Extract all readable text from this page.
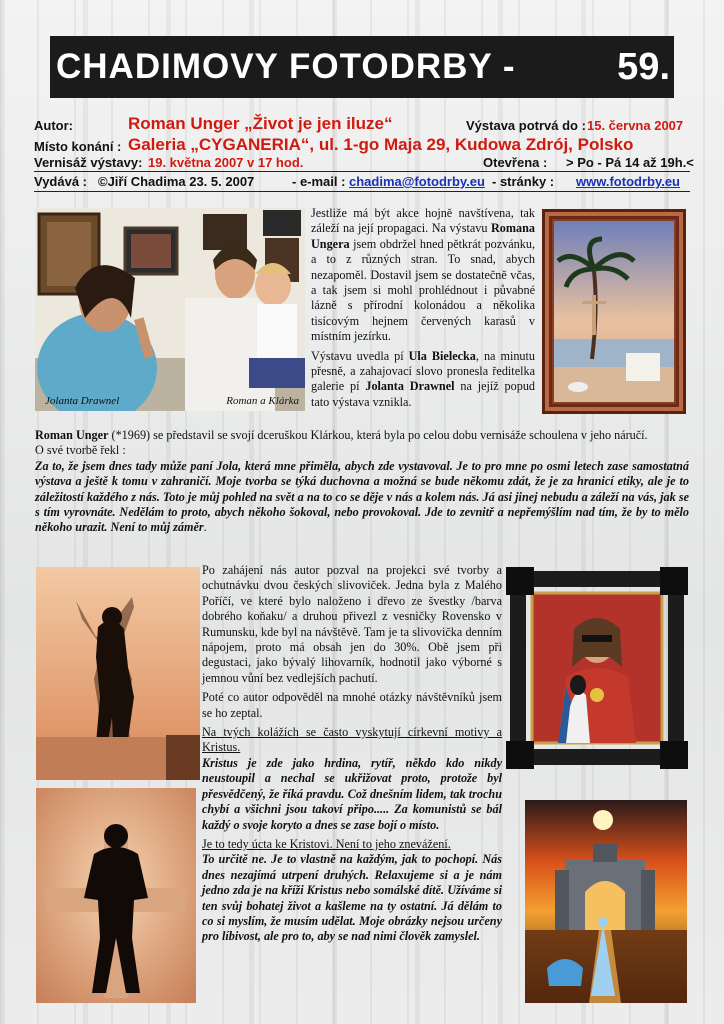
CHADIMOVY FOTODRBY -	59.
Autor:	Roman Unger „Život je jen iluze“	Výstava potrvá do : 15. června 2007
Místo konání : Galeria „CYGANERIA“, ul. 1-go Maja 29, Kudowa Zdrój, Polsko
Vernisáž výstavy: 19. května 2007 v 17 hod.	Otevřena : > Po - Pá 14 až 19h.<
Vydává : ©Jiří Chadima 23. 5. 2007	- e-mail : chadima@fotodrby.eu - stránky : www.fotodrby.eu
Jolanta Drawnel	Roman a Klárka

Jestliže má být akce hojně navštívena, tak záleží na její propagaci. Na výstavu Romana Ungera jsem obdržel hned pětkrát pozvánku, a to z různých stran. To snad, abych nezapoměl. Dostavil jsem se dostatečně včas, a tak jsem si mohl prohlédnout i půvabné lázně s přírodní kolonádou a několika tisícovým hejnem červených karasů v místním jezírku.

Výstavu uvedla pí Ula Bielecka, na minutu přesně, a zahajovací slovo pronesla ředitelka galerie pí Jolanta Drawnel na jejíž popud tato výstava vznikla.

Roman Unger (*1969) se představil se svojí dceruškou Klárkou, která byla po celou dobu vernisáže schoulena v jeho náručí.

O své tvorbě řekl :

Za to, že jsem dnes tady může paní Jola, která mne přiměla, abych zde vystavoval. Je to pro mne po osmi letech zase samostatná výstava a ještě k tomu v zahraničí. Moje tvorba se týká duchovna a možná se bude někomu zdát, že je za hranicí etiky, ale je to záležitostí každého z nás. Toto je můj pohled na svět a na to co se děje v nás a kolem nás. Já asi jinej nebudu a záleží na vás, jak se s tím vyrovnáte. Nedělám to proto, abych někoho šokoval, nebo provokoval. Jde to zevnitř a nepřemýšlím nad tím, že by to mělo někoho urazit. Není to můj záměr.

Po zahájení nás autor pozval na projekci své tvorby a ochutnávku dvou českých slivoviček. Jedna byla z Malého Poříčí, ve které bylo naloženo i dřevo ze švestky /barva dobrého koňaku/ a druhou přivezl z vesničky Rovensko v Rumunsku, kde byl na návštěvě. Tam je ta slivovička denním nápojem, proto má obsah jen do 30%. Obě jsem při degustaci, jako bývalý lihovarník, hodnotil jako výborné s jemnou vůní bez vedlejších pachutí.

Poté co autor odpověděl na mnohé otázky návštěvníků jsem se ho zeptal.

Na tvých kolážích se často vyskytují církevní motivy a Kristus.

Kristus je zde jako hrdina, rytíř, někdo kdo nikdy neustoupil a nechal se ukřižovat proto, protože byl přesvědčený, že říká pravdu. Což dnešním lidem, tak trochu chybí a všichni jsou takoví připo..... Za komunistů se bál každý o svoje koryto a dnes se zase bojí o místo.

Je to tedy úcta ke Kristovi. Není to jeho znevážení.

To určitě ne. Je to vlastně na každým, jak to pochopí. Nás dnes nezajímá utrpení druhých. Relaxujeme si a je nám jedno zda je na kříži Kristus nebo somálské dítě. Užíváme si ten svůj bohatej život a kašleme na ty ostatní. Já dělám to co si myslím, že musím udělat. Moje obrázky nejsou určeny pro líbivost, ale pro to, aby se nad nimi člověk zamyslel.
